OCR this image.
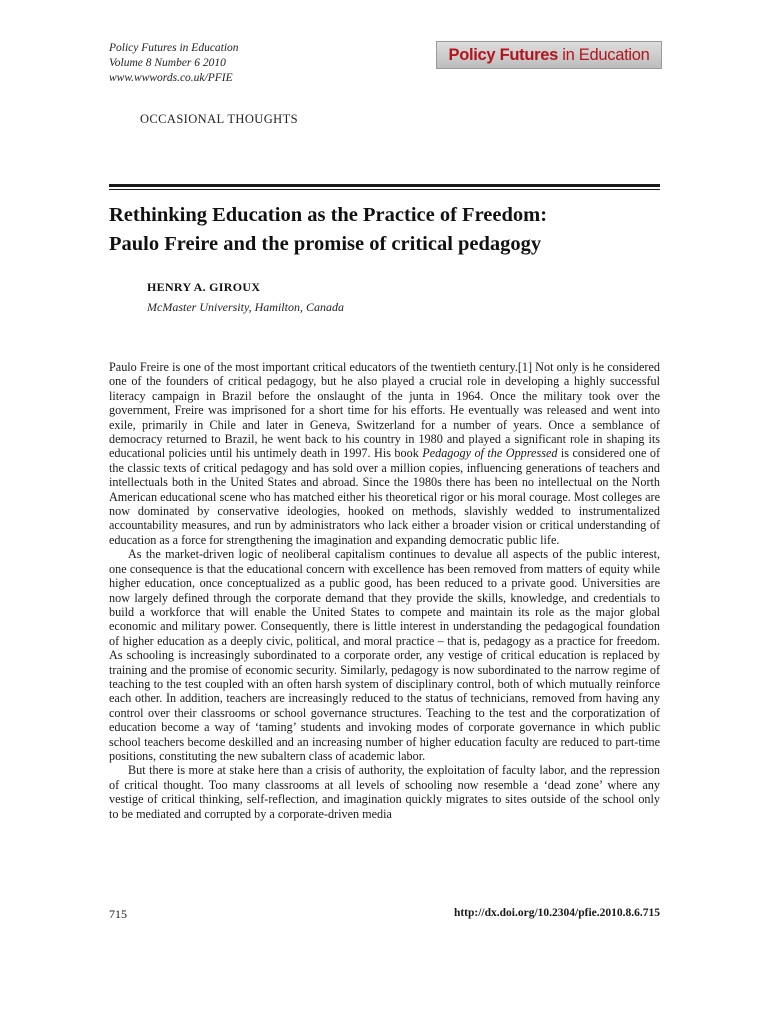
Policy Futures in Education
Volume 8 Number 6 2010
www.wwwords.co.uk/PFIE
Policy Futures in Education
OCCASIONAL THOUGHTS
Rethinking Education as the Practice of Freedom:
Paulo Freire and the promise of critical pedagogy
HENRY A. GIROUX
McMaster University, Hamilton, Canada

Paulo Freire is one of the most important critical educators of the twentieth century.[1] Not only is he considered one of the founders of critical pedagogy, but he also played a crucial role in developing a highly successful literacy campaign in Brazil before the onslaught of the junta in 1964. Once the military took over the government, Freire was imprisoned for a short time for his efforts. He eventually was released and went into exile, primarily in Chile and later in Geneva, Switzerland for a number of years. Once a semblance of democracy returned to Brazil, he went back to his country in 1980 and played a significant role in shaping its educational policies until his untimely death in 1997. His book Pedagogy of the Oppressed is considered one of the classic texts of critical pedagogy and has sold over a million copies, influencing generations of teachers and intellectuals both in the United States and abroad. Since the 1980s there has been no intellectual on the North American educational scene who has matched either his theoretical rigor or his moral courage. Most colleges are now dominated by conservative ideologies, hooked on methods, slavishly wedded to instrumentalized accountability measures, and run by administrators who lack either a broader vision or critical understanding of education as a force for strengthening the imagination and expanding democratic public life.

As the market-driven logic of neoliberal capitalism continues to devalue all aspects of the public interest, one consequence is that the educational concern with excellence has been removed from matters of equity while higher education, once conceptualized as a public good, has been reduced to a private good. Universities are now largely defined through the corporate demand that they provide the skills, knowledge, and credentials to build a workforce that will enable the United States to compete and maintain its role as the major global economic and military power. Consequently, there is little interest in understanding the pedagogical foundation of higher education as a deeply civic, political, and moral practice – that is, pedagogy as a practice for freedom. As schooling is increasingly subordinated to a corporate order, any vestige of critical education is replaced by training and the promise of economic security. Similarly, pedagogy is now subordinated to the narrow regime of teaching to the test coupled with an often harsh system of disciplinary control, both of which mutually reinforce each other. In addition, teachers are increasingly reduced to the status of technicians, removed from having any control over their classrooms or school governance structures. Teaching to the test and the corporatization of education become a way of ‘taming’ students and invoking modes of corporate governance in which public school teachers become deskilled and an increasing number of higher education faculty are reduced to part-time positions, constituting the new subaltern class of academic labor.

But there is more at stake here than a crisis of authority, the exploitation of faculty labor, and the repression of critical thought. Too many classrooms at all levels of schooling now resemble a ‘dead zone’ where any vestige of critical thinking, self-reflection, and imagination quickly migrates to sites outside of the school only to be mediated and corrupted by a corporate-driven media

715	http://dx.doi.org/10.2304/pfie.2010.8.6.715
